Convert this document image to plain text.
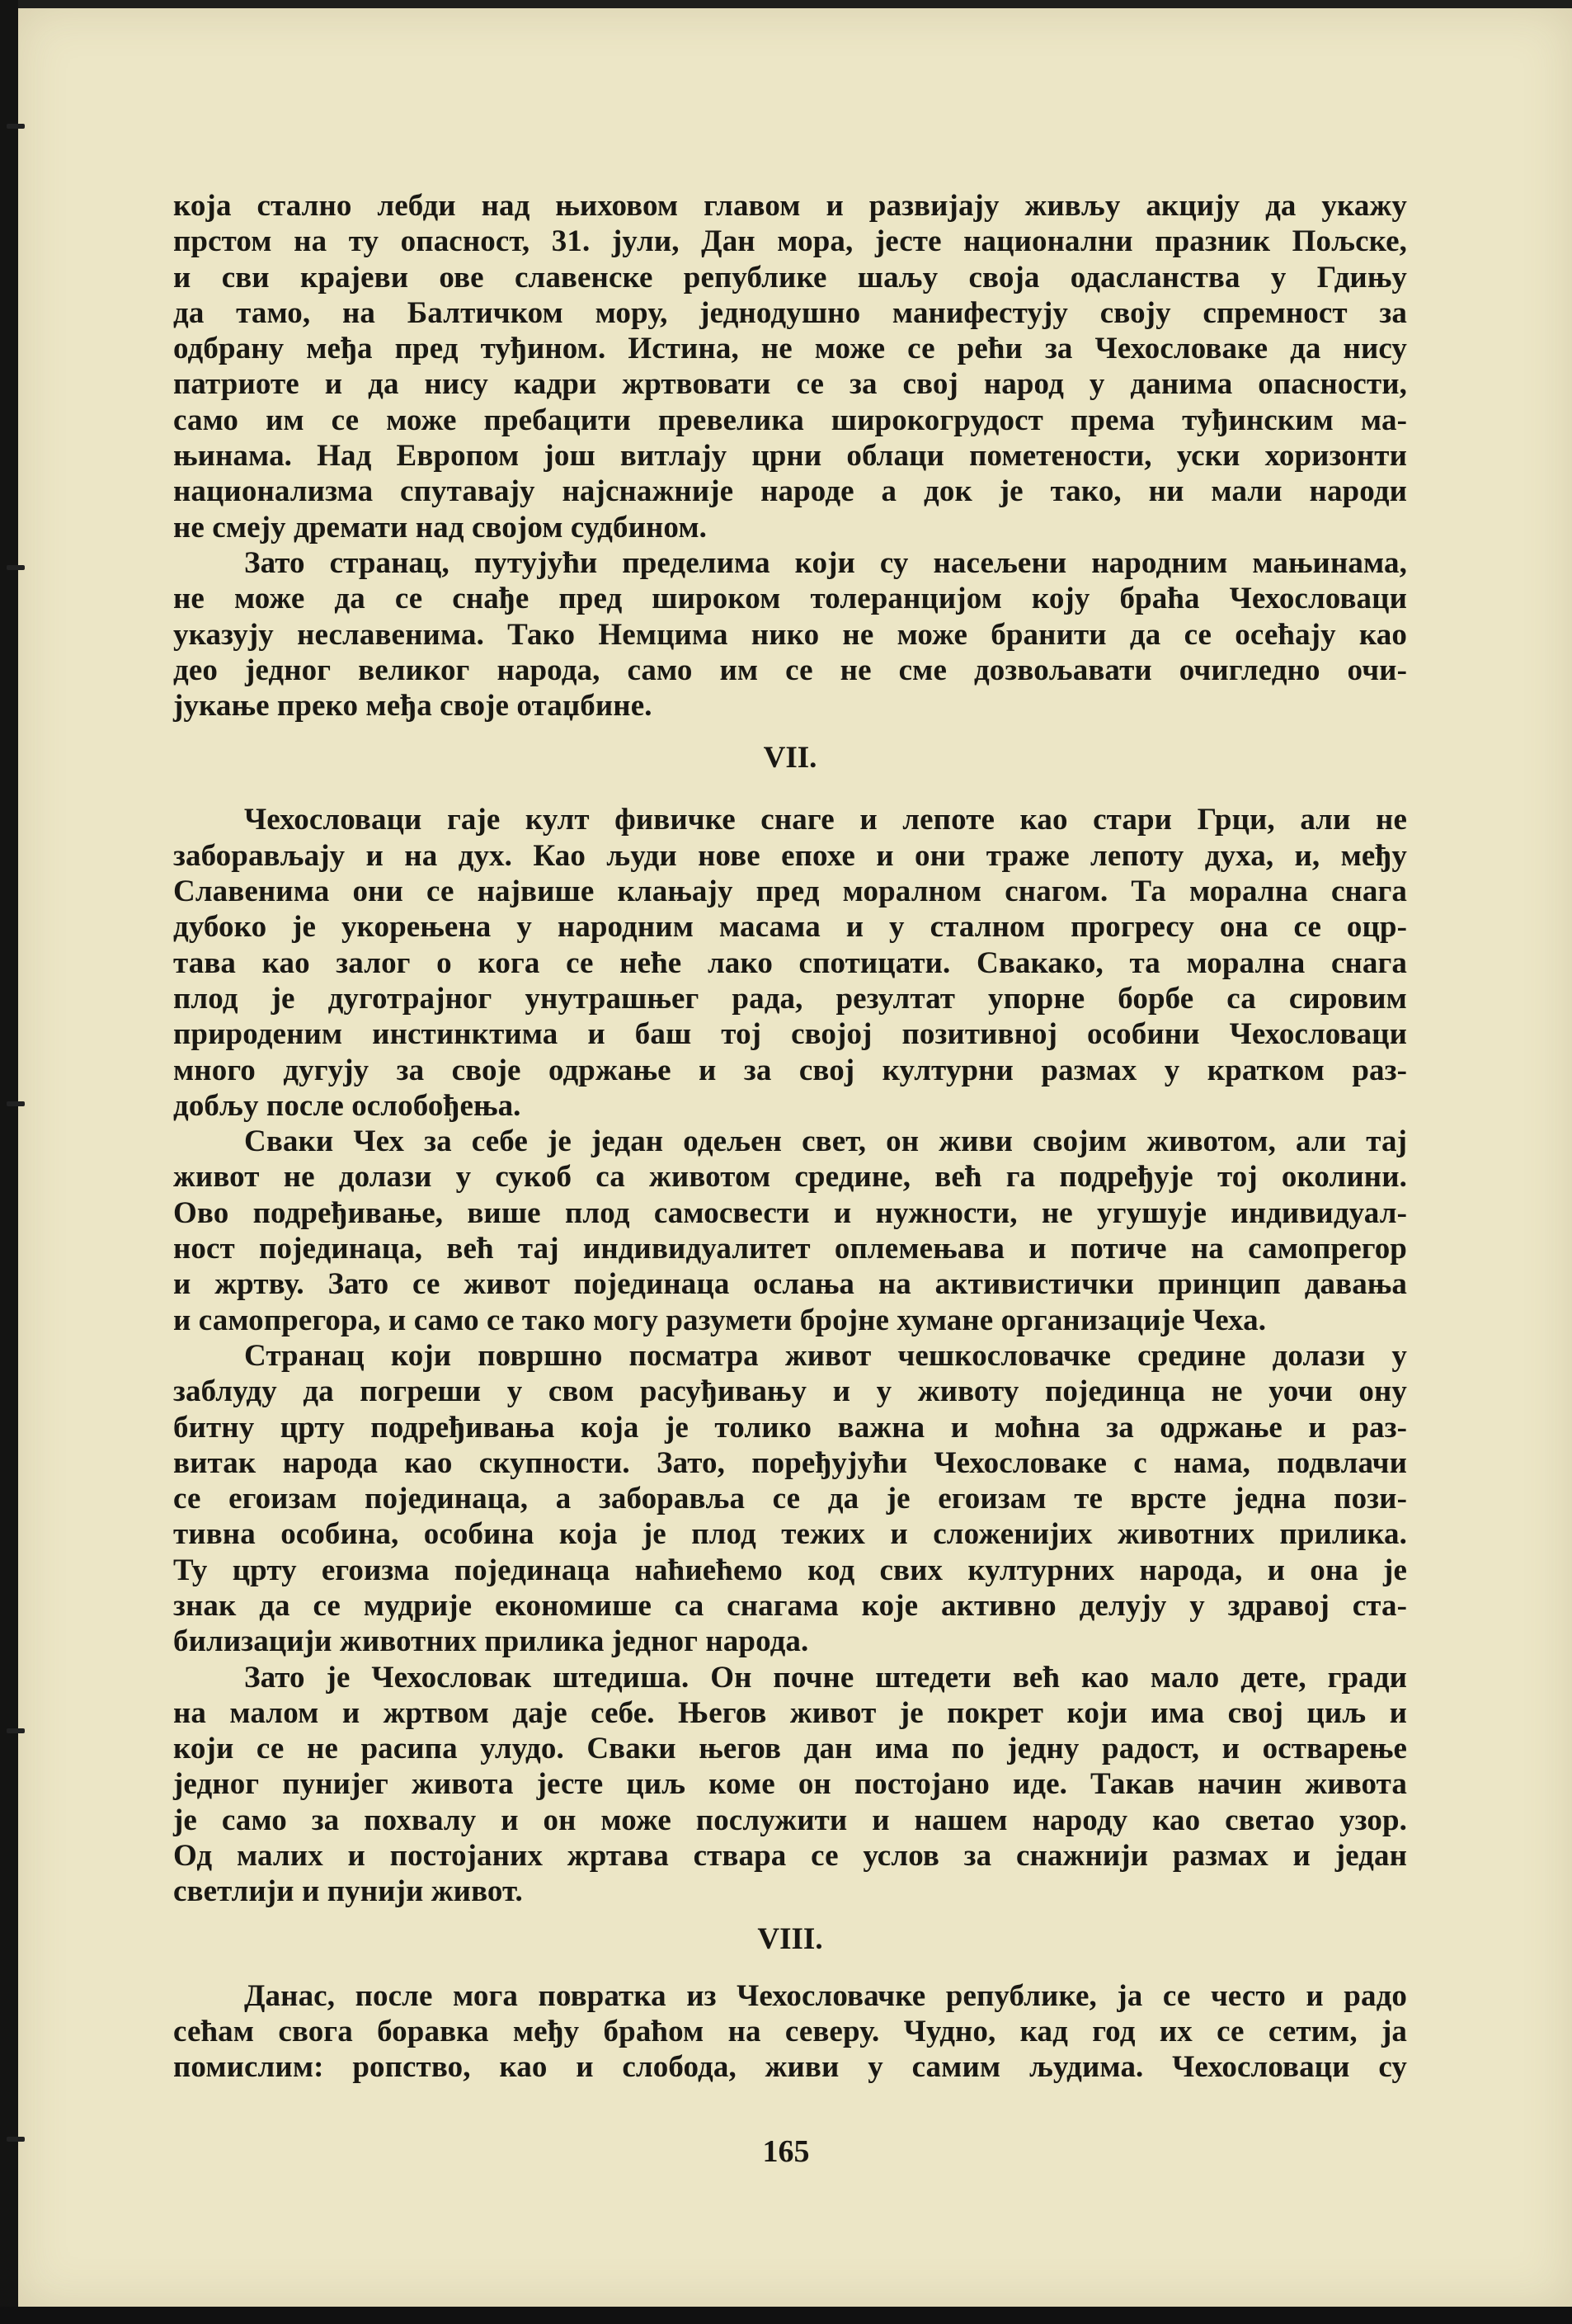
која стално лебди над њиховом главом и развијају живљу акцију да укажу
прстом на ту опасност, 31. јули, Дан мора, јесте национални празник Пољске,
и сви крајеви ове славенске републике шаљу своја одасланства у Гдињу
да тамо, на Балтичком мору, једнодушно манифестују своју спремност за
одбрану међа пред туђином. Истина, не може се рећи за Чехословаке да нису
патриоте и да нису кадри жртвовати се за свој народ у данима опасности,
само им се може пребацити превелика широкогрудост према туђинским ма-
њинама. Над Европом још витлају црни облаци пометености, уски хоризонти
национализма спутавају најснажније народе а док је тако, ни мали народи
не смеју дремати над својом судбином.
Зато странац, путујући пределима који су насељени народним мањинама,
не може да се снађе пред широком толеранцијом коју браћа Чехословаци
указују неславенима. Тако Немцима нико не може бранити да се осећају као
део једног великог народа, само им се не сме дозвољавати очигледно очи-
јукање преко међа своје отаџбине.

VII.

Чехословаци гаје култ фивичке снаге и лепоте као стари Грци, али не
заборављају и на дух. Као људи нове епохе и они траже лепоту духа, и, међу
Славенима они се највише клањају пред моралном снагом. Та морална снага
дубоко је укорењена у народним масама и у сталном прогресу она се оцр-
тава као залог о кога се неће лако спотицати. Свакако, та морална снага
плод је дуготрајног унутрашњег рада, резултат упорне борбе са сировим
природеним инстинктима и баш тој својој позитивној особини Чехословаци
много дугују за своје одржање и за свој културни размах у кратком раз-
добљу после ослобођења.
Сваки Чех за себе је један одељен свет, он живи својим животом, али тај
живот не долази у сукоб са животом средине, већ га подређује тој околини.
Ово подређивање, више плод самосвести и нужности, не угушује индивидуал-
ност појединаца, већ тај индивидуалитет оплемењава и потиче на самопрегор
и жртву. Зато се живот појединаца ослања на активистички принцип давања
и самопрегора, и само се тако могу разумети бројне хумане организације Чеха.
Странац који површно посматра живот чешкословачке средине долази у
заблуду да погреши у свом расуђивању и у животу појединца не уочи ону
битну црту подређивања која је толико важна и моћна за одржање и раз-
витак народа као скупности. Зато, поређујући Чехословаке с нама, подвлачи
се егоизам појединаца, а заборавља се да је егоизам те врсте једна пози-
тивна особина, особина која је плод тежих и сложенијих животних прилика.
Ту црту егоизма појединаца наћиећемо код свих културних народа, и она је
знак да се мудрије економише са снагама које активно делују у здравој ста-
билизацији животних прилика једног народа.
Зато је Чехословак штедиша. Он почне штедети већ као мало дете, гради
на малом и жртвом даје себе. Његов живот је покрет који има свој циљ и
који се не расипа улудо. Сваки његов дан има по једну радост, и остварење
једног пунијег живота јесте циљ коме он постојано иде. Такав начин живота
је само за похвалу и он може послужити и нашем народу као светао узор.
Од малих и постојаних жртава ствара се услов за снажнији размах и један
светлији и пунији живот.

VIII.

Данас, после мога повратка из Чехословачке републике, ја се често и радо
сећам свога боравка међу браћом на северу. Чудно, кад год их се сетим, ја
помислим: ропство, као и слобода, живи у самим људима. Чехословаци су
165
